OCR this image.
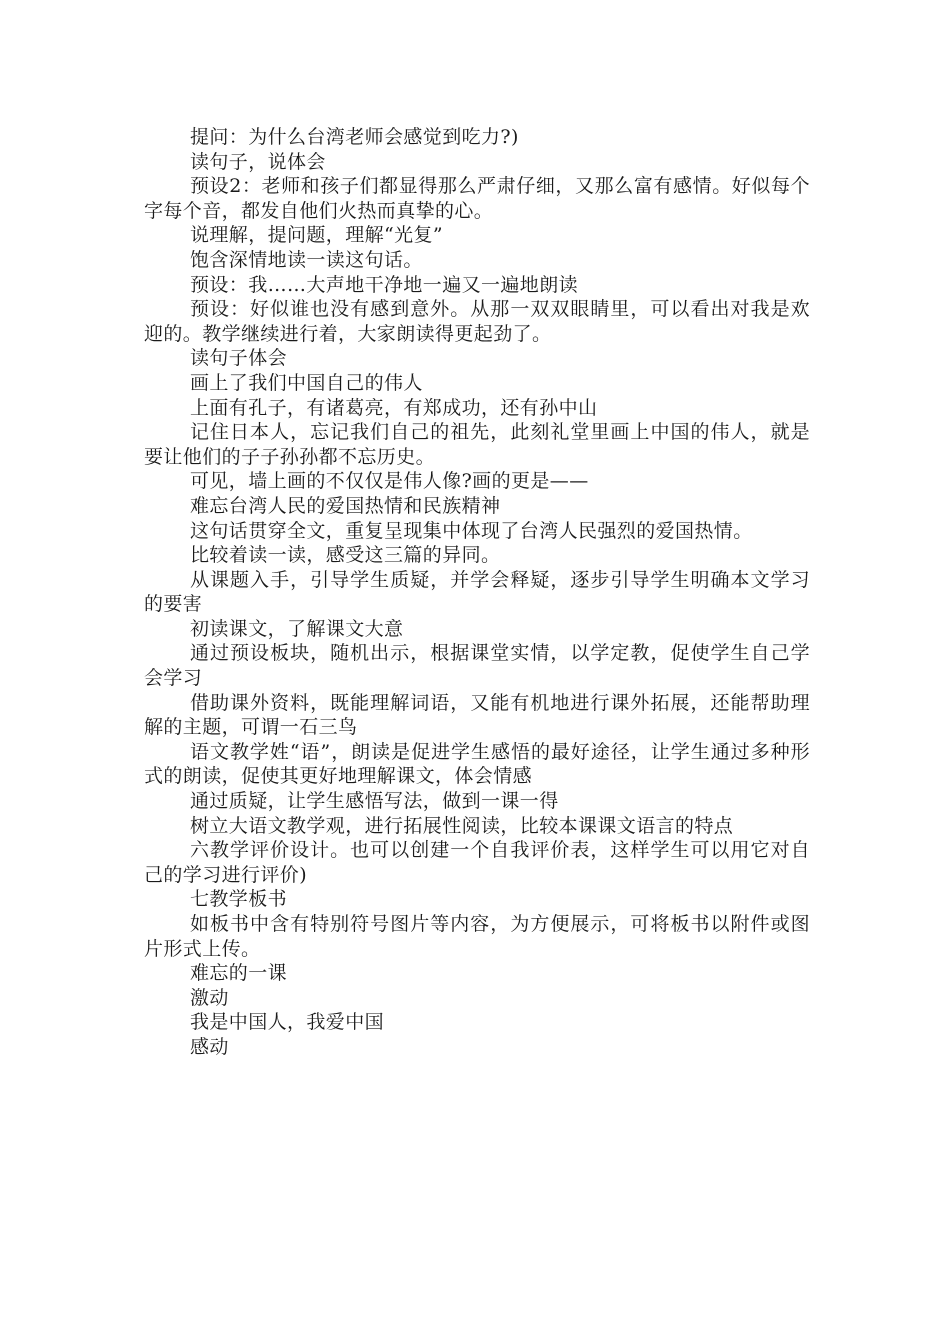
提问：为什么台湾老师会感觉到吃力?)

读句子，说体会

预设2：老师和孩子们都显得那么严肃仔细，又那么富有感情。好似每个字每个音，都发自他们火热而真挚的心。

说理解，提问题，理解“光复”

饱含深情地读一读这句话。

预设：我……大声地干净地一遍又一遍地朗读

预设：好似谁也没有感到意外。从那一双双眼睛里，可以看出对我是欢迎的。教学继续进行着，大家朗读得更起劲了。

读句子体会

画上了我们中国自己的伟人

上面有孔子，有诸葛亮，有郑成功，还有孙中山

记住日本人，忘记我们自己的祖先，此刻礼堂里画上中国的伟人，就是要让他们的子子孙孙都不忘历史。

可见，墙上画的不仅仅是伟人像?画的更是——

难忘台湾人民的爱国热情和民族精神

这句话贯穿全文，重复呈现集中体现了台湾人民强烈的爱国热情。

比较着读一读，感受这三篇的异同。

从课题入手，引导学生质疑，并学会释疑，逐步引导学生明确本文学习的要害

初读课文，了解课文大意

通过预设板块，随机出示，根据课堂实情，以学定教，促使学生自己学会学习

借助课外资料，既能理解词语，又能有机地进行课外拓展，还能帮助理解的主题，可谓一石三鸟

语文教学姓“语”，朗读是促进学生感悟的最好途径，让学生通过多种形式的朗读，促使其更好地理解课文，体会情感

通过质疑，让学生感悟写法，做到一课一得

树立大语文教学观，进行拓展性阅读，比较本课课文语言的特点

六教学评价设计。也可以创建一个自我评价表，这样学生可以用它对自己的学习进行评价)

七教学板书

如板书中含有特别符号图片等内容，为方便展示，可将板书以附件或图片形式上传。

难忘的一课

激动

我是中国人，我爱中国

感动
